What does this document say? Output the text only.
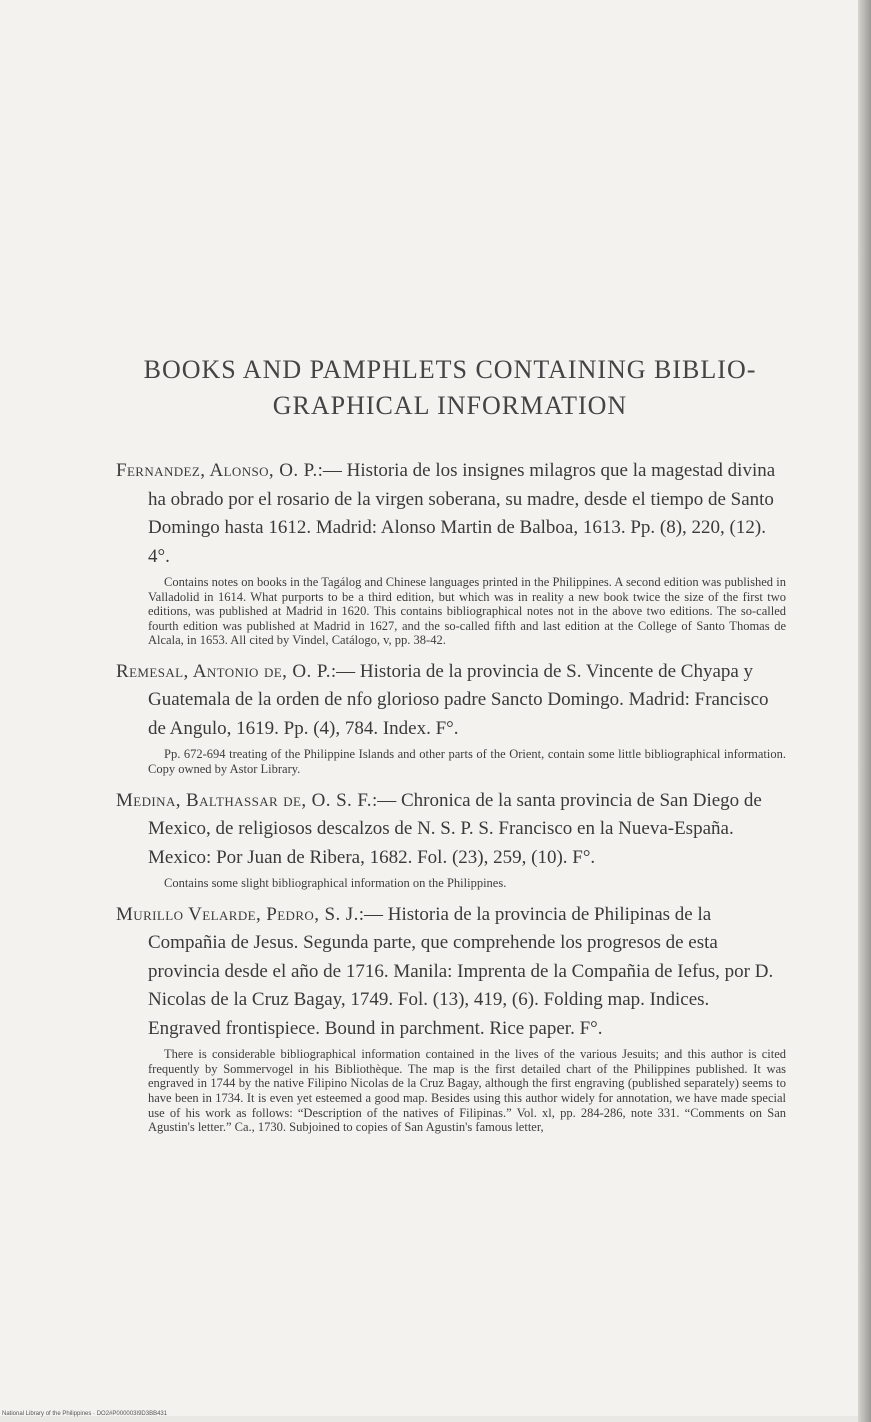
BOOKS AND PAMPHLETS CONTAINING BIBLIO-
GRAPHICAL INFORMATION

Fernandez, Alonso, O. P.:— Historia de los insignes milagros que la magestad divina ha obrado por el rosario de la virgen soberana, su madre, desde el tiempo de Santo Domingo hasta 1612. Madrid: Alonso Martin de Balboa, 1613. Pp. (8), 220, (12). 4°.

Contains notes on books in the Tagálog and Chinese languages printed in the Philippines. A second edition was published in Valladolid in 1614. What purports to be a third edition, but which was in reality a new book twice the size of the first two editions, was published at Madrid in 1620. This contains bibliographical notes not in the above two editions. The so-called fourth edition was published at Madrid in 1627, and the so-called fifth and last edition at the College of Santo Thomas de Alcala, in 1653. All cited by Vindel, Catálogo, v, pp. 38-42.

Remesal, Antonio de, O. P.:— Historia de la provincia de S. Vincente de Chyapa y Guatemala de la orden de nfo glorioso padre Sancto Domingo. Madrid: Francisco de Angulo, 1619. Pp. (4), 784. Index. F°.

Pp. 672-694 treating of the Philippine Islands and other parts of the Orient, contain some little bibliographical information. Copy owned by Astor Library.

Medina, Balthassar de, O. S. F.:— Chronica de la santa provincia de San Diego de Mexico, de religiosos descalzos de N. S. P. S. Francisco en la Nueva-España. Mexico: Por Juan de Ribera, 1682. Fol. (23), 259, (10). F°.

Contains some slight bibliographical information on the Philippines.

Murillo Velarde, Pedro, S. J.:— Historia de la provincia de Philipinas de la Compañia de Jesus. Segunda parte, que comprehende los progresos de esta provincia desde el año de 1716. Manila: Imprenta de la Compañia de Iefus, por D. Nicolas de la Cruz Bagay, 1749. Fol. (13), 419, (6). Folding map. Indices. Engraved frontispiece. Bound in parchment. Rice paper. F°.

There is considerable bibliographical information contained in the lives of the various Jesuits; and this author is cited frequently by Sommervogel in his Bibliothèque. The map is the first detailed chart of the Philippines published. It was engraved in 1744 by the native Filipino Nicolas de la Cruz Bagay, although the first engraving (published separately) seems to have been in 1734. It is even yet esteemed a good map. Besides using this author widely for annotation, we have made special use of his work as follows: “Description of the natives of Filipinas.” Vol. xl, pp. 284-286, note 331. “Comments on San Agustin's letter.” Ca., 1730. Subjoined to copies of San Agustin's famous letter,

National Library of the Philippines · DO2#P000003I9D3BB431
